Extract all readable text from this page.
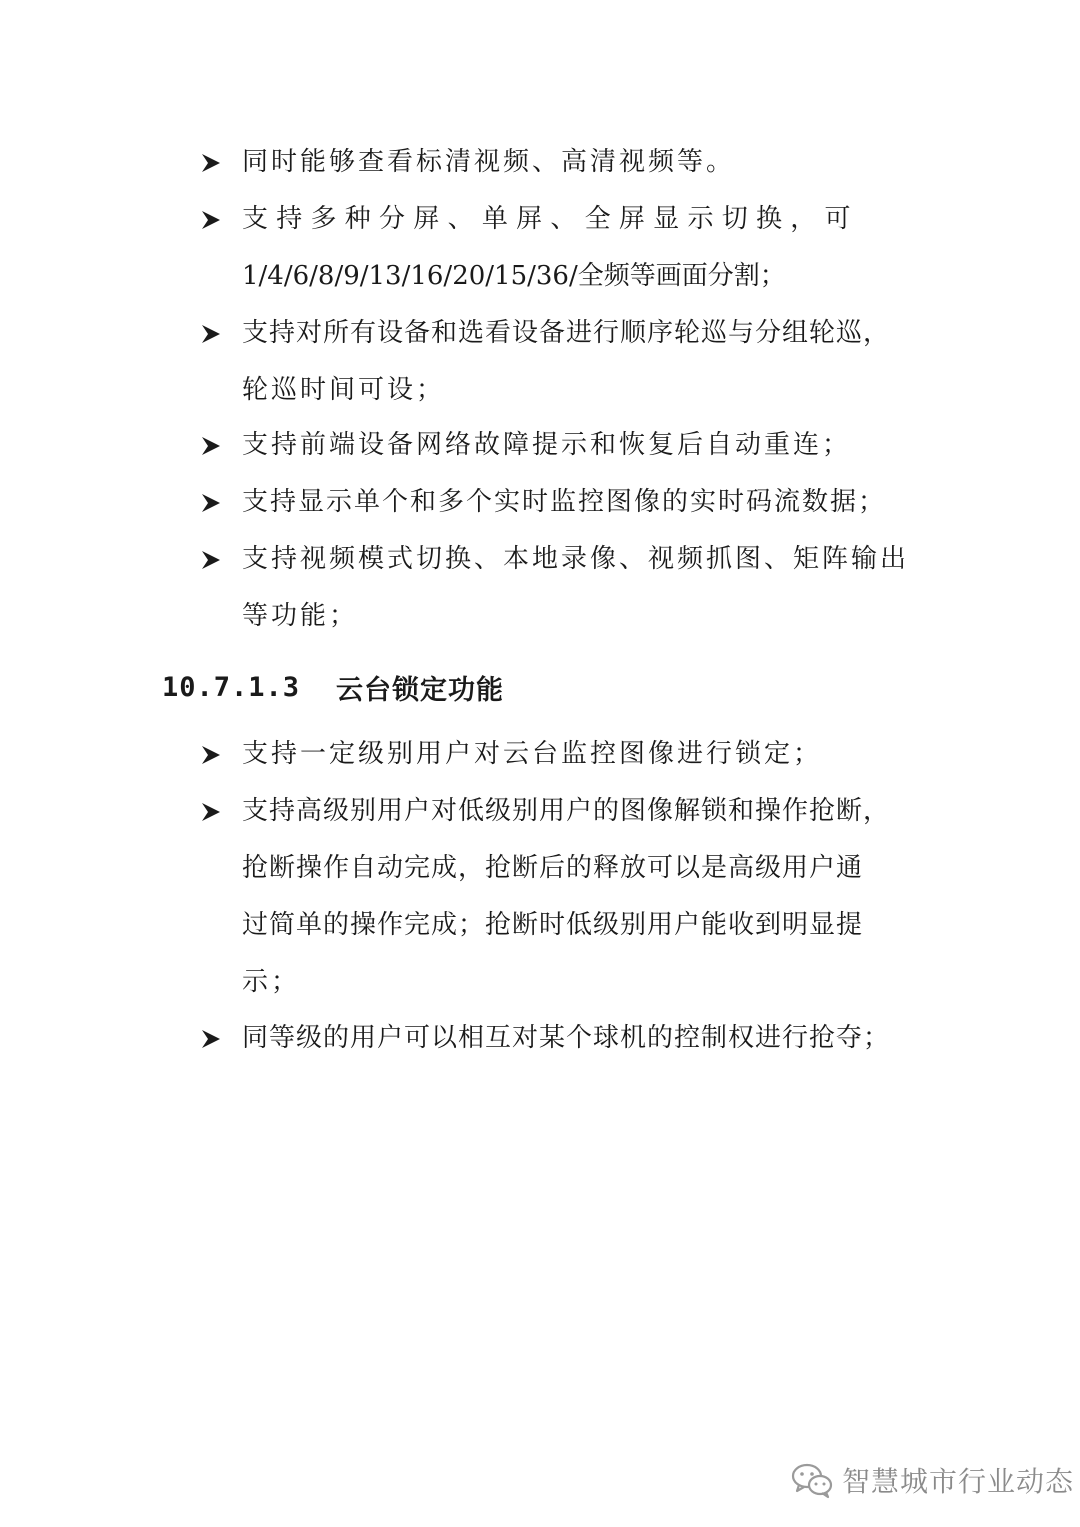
同时能够查看标清视频、高清视频等。
支 持 多 种 分 屏 、 单 屏 、 全 屏 显 示 切 换 ， 可
1/4/6/8/9/13/16/20/15/36/全频等画面分割；
支持对所有设备和选看设备进行顺序轮巡与分组轮巡，
轮巡时间可设；
支持前端设备网络故障提示和恢复后自动重连；
支持显示单个和多个实时监控图像的实时码流数据；
支持视频模式切换、本地录像、视频抓图、矩阵输出
等功能；
10.7.1.3 云台锁定功能
支持一定级别用户对云台监控图像进行锁定；
支持高级别用户对低级别用户的图像解锁和操作抢断，
抢断操作自动完成，抢断后的释放可以是高级用户通
过简单的操作完成；抢断时低级别用户能收到明显提
示；
同等级的用户可以相互对某个球机的控制权进行抢夺；
智慧城市行业动态
